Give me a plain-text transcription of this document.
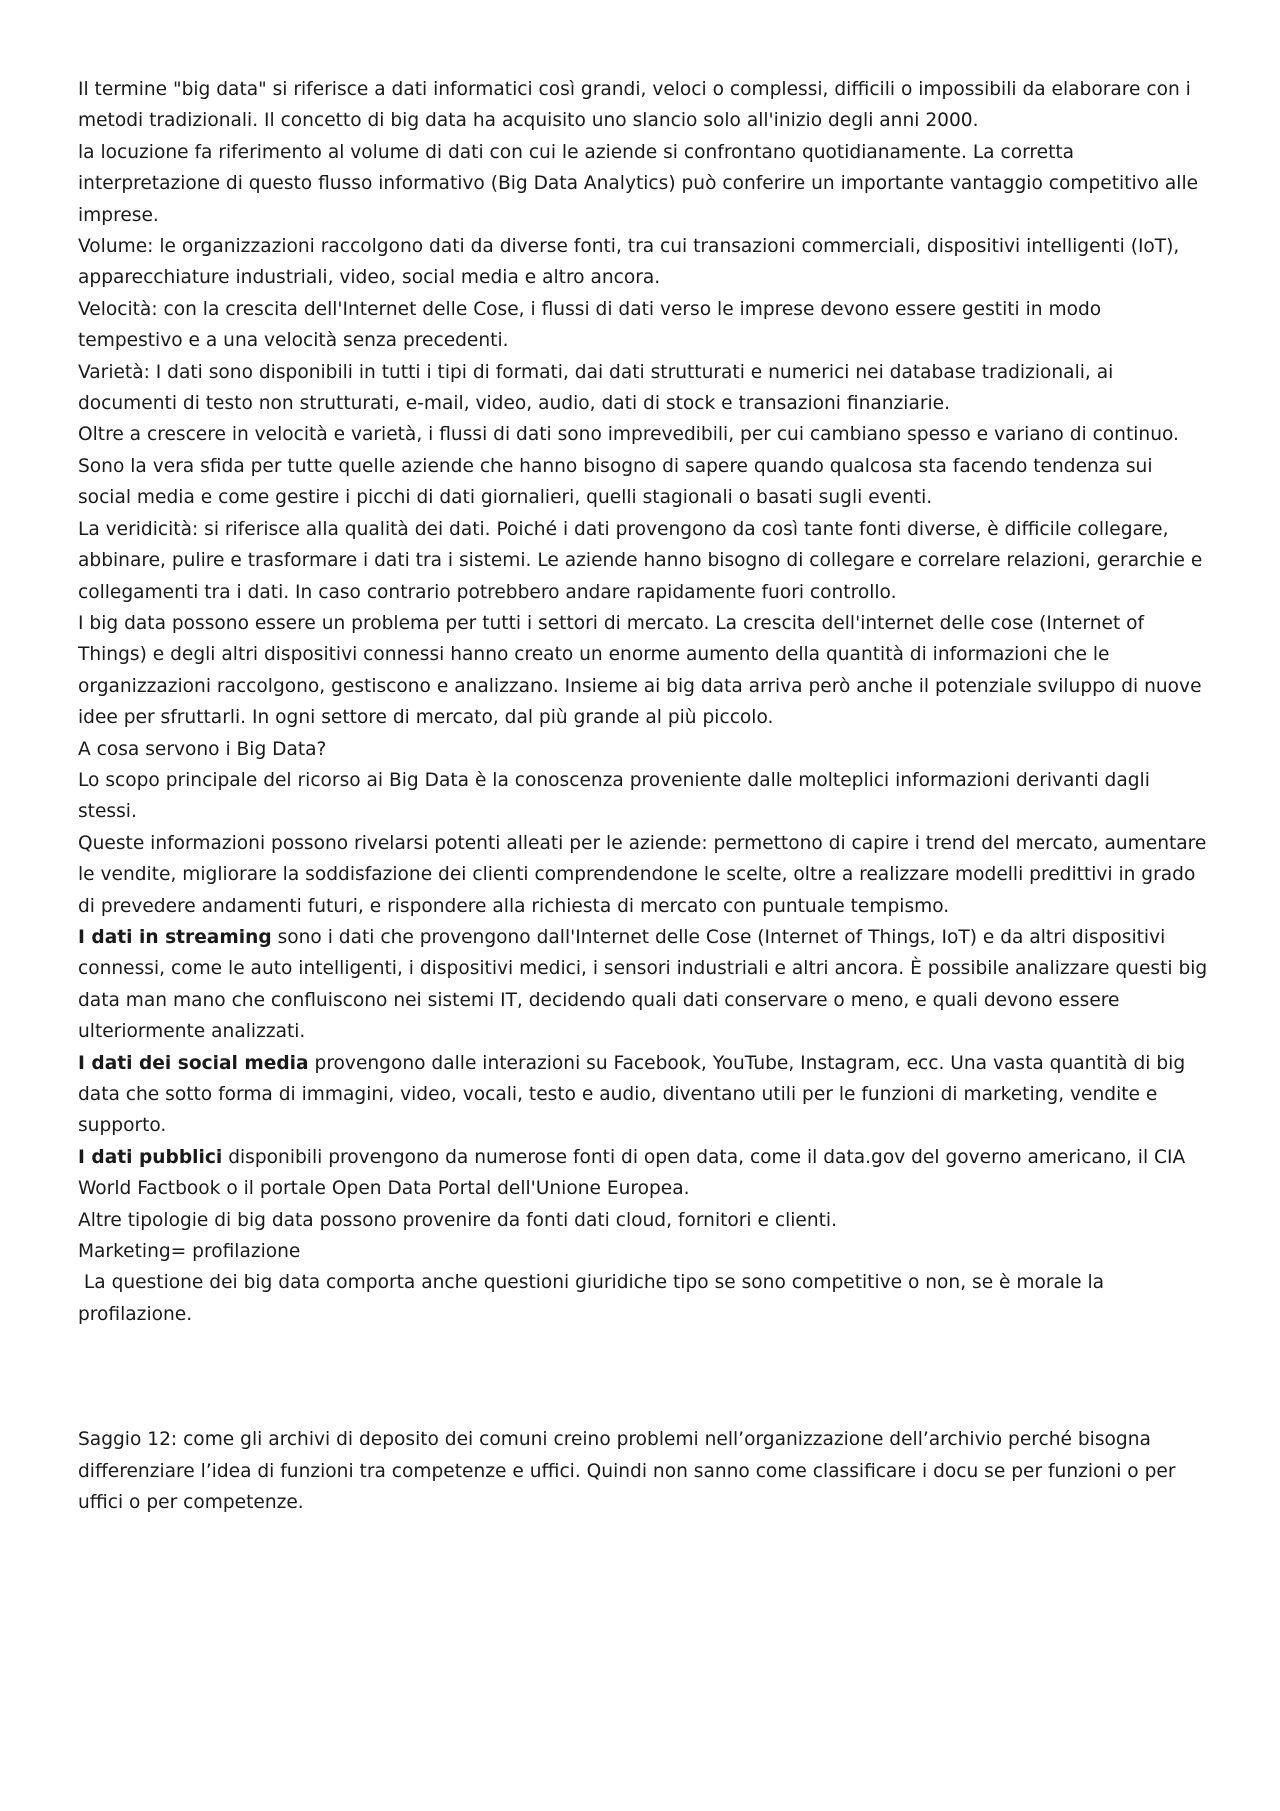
Il termine "big data" si riferisce a dati informatici così grandi, veloci o complessi, difficili o impossibili da elaborare con i metodi tradizionali. Il concetto di big data ha acquisito uno slancio solo all'inizio degli anni 2000.

la locuzione fa riferimento al volume di dati con cui le aziende si confrontano quotidianamente. La corretta interpretazione di questo flusso informativo (Big Data Analytics) può conferire un importante vantaggio competitivo alle imprese.

Volume: le organizzazioni raccolgono dati da diverse fonti, tra cui transazioni commerciali, dispositivi intelligenti (IoT), apparecchiature industriali, video, social media e altro ancora.

Velocità: con la crescita dell'Internet delle Cose, i flussi di dati verso le imprese devono essere gestiti in modo tempestivo e a una velocità senza precedenti.

Varietà: I dati sono disponibili in tutti i tipi di formati, dai dati strutturati e numerici nei database tradizionali, ai documenti di testo non strutturati, e-mail, video, audio, dati di stock e transazioni finanziarie.

Oltre a crescere in velocità e varietà, i flussi di dati sono imprevedibili, per cui cambiano spesso e variano di continuo. Sono la vera sfida per tutte quelle aziende che hanno bisogno di sapere quando qualcosa sta facendo tendenza sui social media e come gestire i picchi di dati giornalieri, quelli stagionali o basati sugli eventi.

La veridicità: si riferisce alla qualità dei dati. Poiché i dati provengono da così tante fonti diverse, è difficile collegare, abbinare, pulire e trasformare i dati tra i sistemi. Le aziende hanno bisogno di collegare e correlare relazioni, gerarchie e collegamenti tra i dati. In caso contrario potrebbero andare rapidamente fuori controllo.

I big data possono essere un problema per tutti i settori di mercato. La crescita dell'internet delle cose (Internet of Things) e degli altri dispositivi connessi hanno creato un enorme aumento della quantità di informazioni che le organizzazioni raccolgono, gestiscono e analizzano. Insieme ai big data arriva però anche il potenziale sviluppo di nuove idee per sfruttarli. In ogni settore di mercato, dal più grande al più piccolo.

A cosa servono i Big Data?

Lo scopo principale del ricorso ai Big Data è la conoscenza proveniente dalle molteplici informazioni derivanti dagli stessi.

Queste informazioni possono rivelarsi potenti alleati per le aziende: permettono di capire i trend del mercato, aumentare le vendite, migliorare la soddisfazione dei clienti comprendendone le scelte, oltre a realizzare modelli predittivi in grado di prevedere andamenti futuri, e rispondere alla richiesta di mercato con puntuale tempismo.

I dati in streaming sono i dati che provengono dall'Internet delle Cose (Internet of Things, IoT) e da altri dispositivi connessi, come le auto intelligenti, i dispositivi medici, i sensori industriali e altri ancora. È possibile analizzare questi big data man mano che confluiscono nei sistemi IT, decidendo quali dati conservare o meno, e quali devono essere ulteriormente analizzati.

I dati dei social media provengono dalle interazioni su Facebook, YouTube, Instagram, ecc. Una vasta quantità di big data che sotto forma di immagini, video, vocali, testo e audio, diventano utili per le funzioni di marketing, vendite e supporto.

I dati pubblici disponibili provengono da numerose fonti di open data, come il data.gov del governo americano, il CIA World Factbook o il portale Open Data Portal dell'Unione Europea.

Altre tipologie di big data possono provenire da fonti dati cloud, fornitori e clienti.

Marketing= profilazione

La questione dei big data comporta anche questioni giuridiche tipo se sono competitive o non, se è morale la profilazione.

Saggio 12: come gli archivi di deposito dei comuni creino problemi nell’organizzazione dell’archivio perché bisogna differenziare l’idea di funzioni tra competenze e uffici. Quindi non sanno come classificare i docu se per funzioni o per uffici o per competenze.
